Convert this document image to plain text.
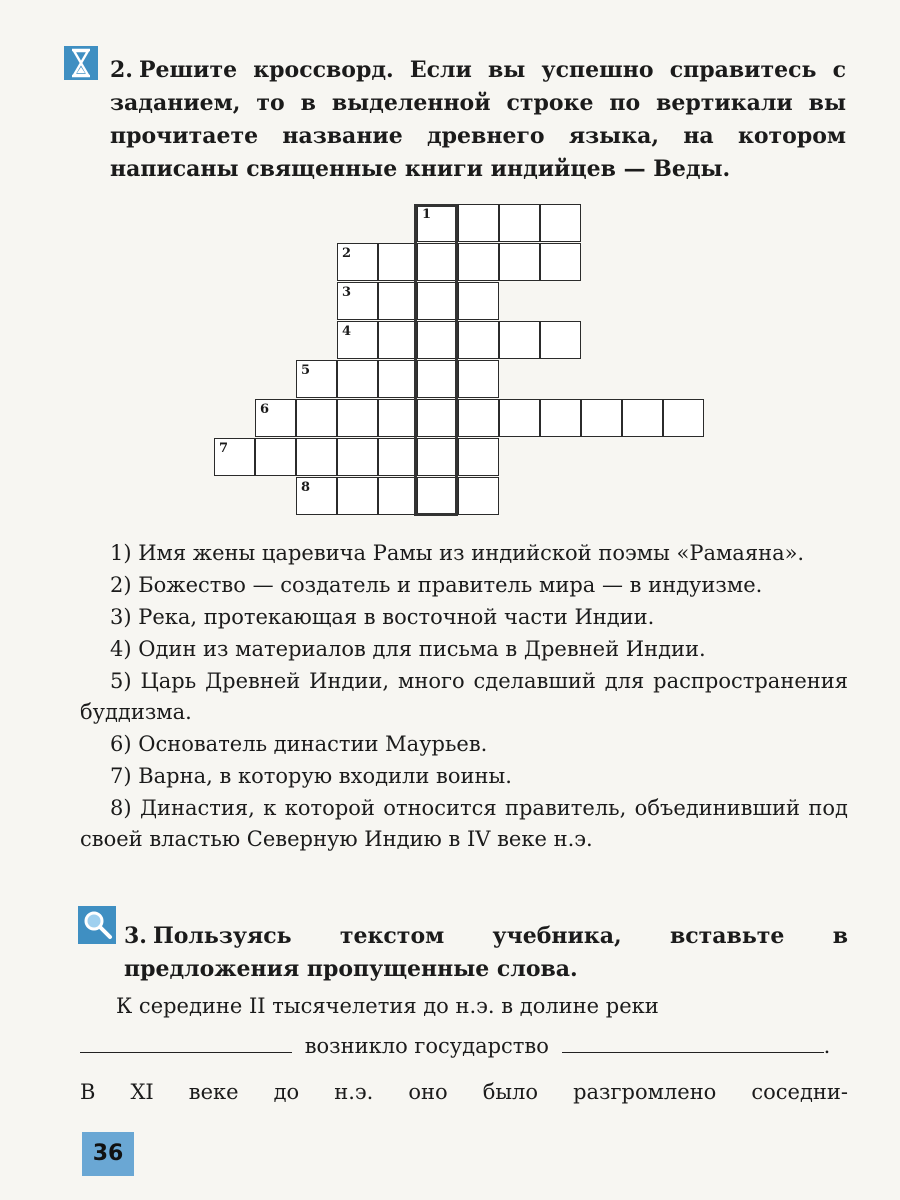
2. Решите кроссворд. Если вы успешно справитесь с заданием, то в выделенной строке по вертикали вы прочитаете название древнего языка, на котором написаны священные книги индийцев — Веды.
1
2
3
4
5
6
7
8
1) Имя жены царевича Рамы из индийской поэмы «Рамаяна».
2) Божество — создатель и правитель мира — в индуизме.
3) Река, протекающая в восточной части Индии.
4) Один из материалов для письма в Древней Индии.
5) Царь Древней Индии, много сделавший для распространения буддизма.
6) Основатель династии Маурьев.
7) Варна, в которую входили воины.
8) Династия, к которой относится правитель, объединивший под своей властью Северную Индию в IV веке н.э.
3. Пользуясь текстом учебника, вставьте в предложения пропущенные слова.
К середине II тысячелетия до н.э. в долине реки
возникло государство	.
В XI веке до н.э. оно было разгромлено соседни-
36
